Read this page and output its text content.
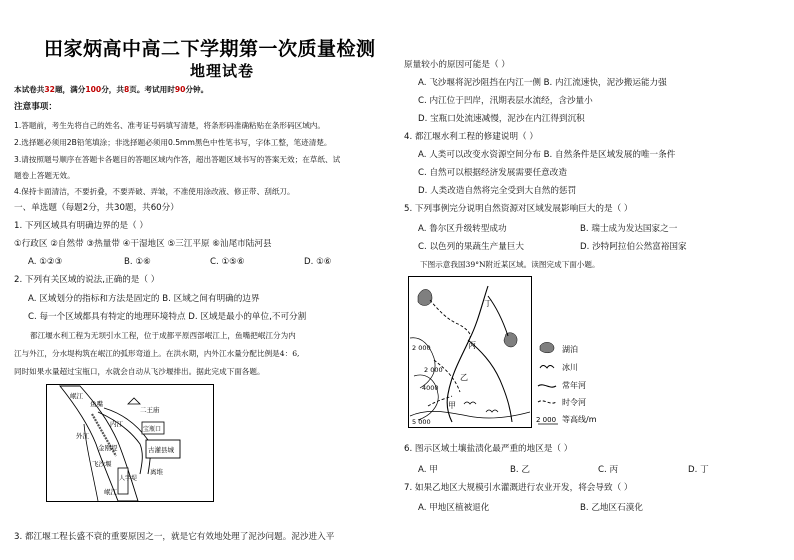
田家炳高中高二下学期第一次质量检测
地理试卷
本试卷共32题，满分100分，共8页。考试用时90分钟。
注意事项：
1.答题前，考生先将自己的姓名、准考证号码填写清楚，将条形码准确粘贴在条形码区域内。
2.选择题必须用2B铅笔填涂；非选择题必须用0.5mm黑色中性笔书写，字体工整，笔迹清楚。
3.请按照题号顺序在答题卡各题目的答题区域内作答，超出答题区域书写的答案无效；在草纸、试
题卷上答题无效。
4.保持卡面清洁，不要折叠，不要弄破、弄皱，不准使用涂改液、修正带、刮纸刀。
一、单选题（每题2分，共30题，共60分）
1. 下列区域具有明确边界的是（ ）
①行政区 ②自然带 ③热量带 ④干湿地区 ⑤三江平原 ⑥汕尾市陆河县
A. ①②③	B. ①⑥	C. ①⑤⑥	D. ①⑥
2. 下列有关区域的说法,正确的是（ ）
A. 区域划分的指标和方法是固定的 B. 区域之间有明确的边界
C. 每一个区域都具有特定的地理环境特点 D. 区域是最小的单位,不可分割
都江堰水利工程为无坝引水工程，位于成都平原西部岷江上，鱼嘴把岷江分为内
江与外江，分水堤构筑在岷江的弧形弯道上。在洪水期，内外江水量分配比例是4：6,
同时如果水量超过宝瓶口，水就会自动从飞沙堰排出。据此完成下面各题。
岷江
鱼嘴
二王庙
内江
外江
金刚堤
宝瓶口
古灌县城
飞沙堰
离堆
人字堤
岷江
3. 都江堰工程长盛不衰的重要原因之一，就是它有效地处理了泥沙问题。泥沙进入平
原量较小的原因可能是（ ）
A. 飞沙堰将泥沙阻挡在内江一侧 B. 内江流速快，泥沙搬运能力强
C. 内江位于凹岸，汛期表层水流经，含沙量小
D. 宝瓶口处流速减慢，泥沙在内江得到沉积
4. 都江堰水利工程的修建说明（ ）
A. 人类可以改变水资源空间分布 B. 自然条件是区域发展的唯一条件
C. 自然可以根据经济发展需要任意改造
D. 人类改造自然将完全受到大自然的惩罚
5. 下列事例完分说明自然资源对区域发展影响巨大的是（ ）
A. 鲁尔区升级转型成功	B. 瑞士成为发达国家之一
C. 以色列的果蔬生产量巨大	D. 沙特阿拉伯公然富裕国家
下图示意我国39°N附近某区域。读图完成下面小题。
丁
丙
乙
甲
2 000
2 000
4000
5 000
湖泊
冰川
常年河
时令河
2 000 等高线/m
6. 图示区域土壤盐渍化最严重的地区是（ ）
A. 甲	B. 乙	C. 丙	D. 丁
7. 如果乙地区大规模引水灌溉进行农业开发，将会导致（ ）
A. 甲地区植被退化	B. 乙地区石漠化
